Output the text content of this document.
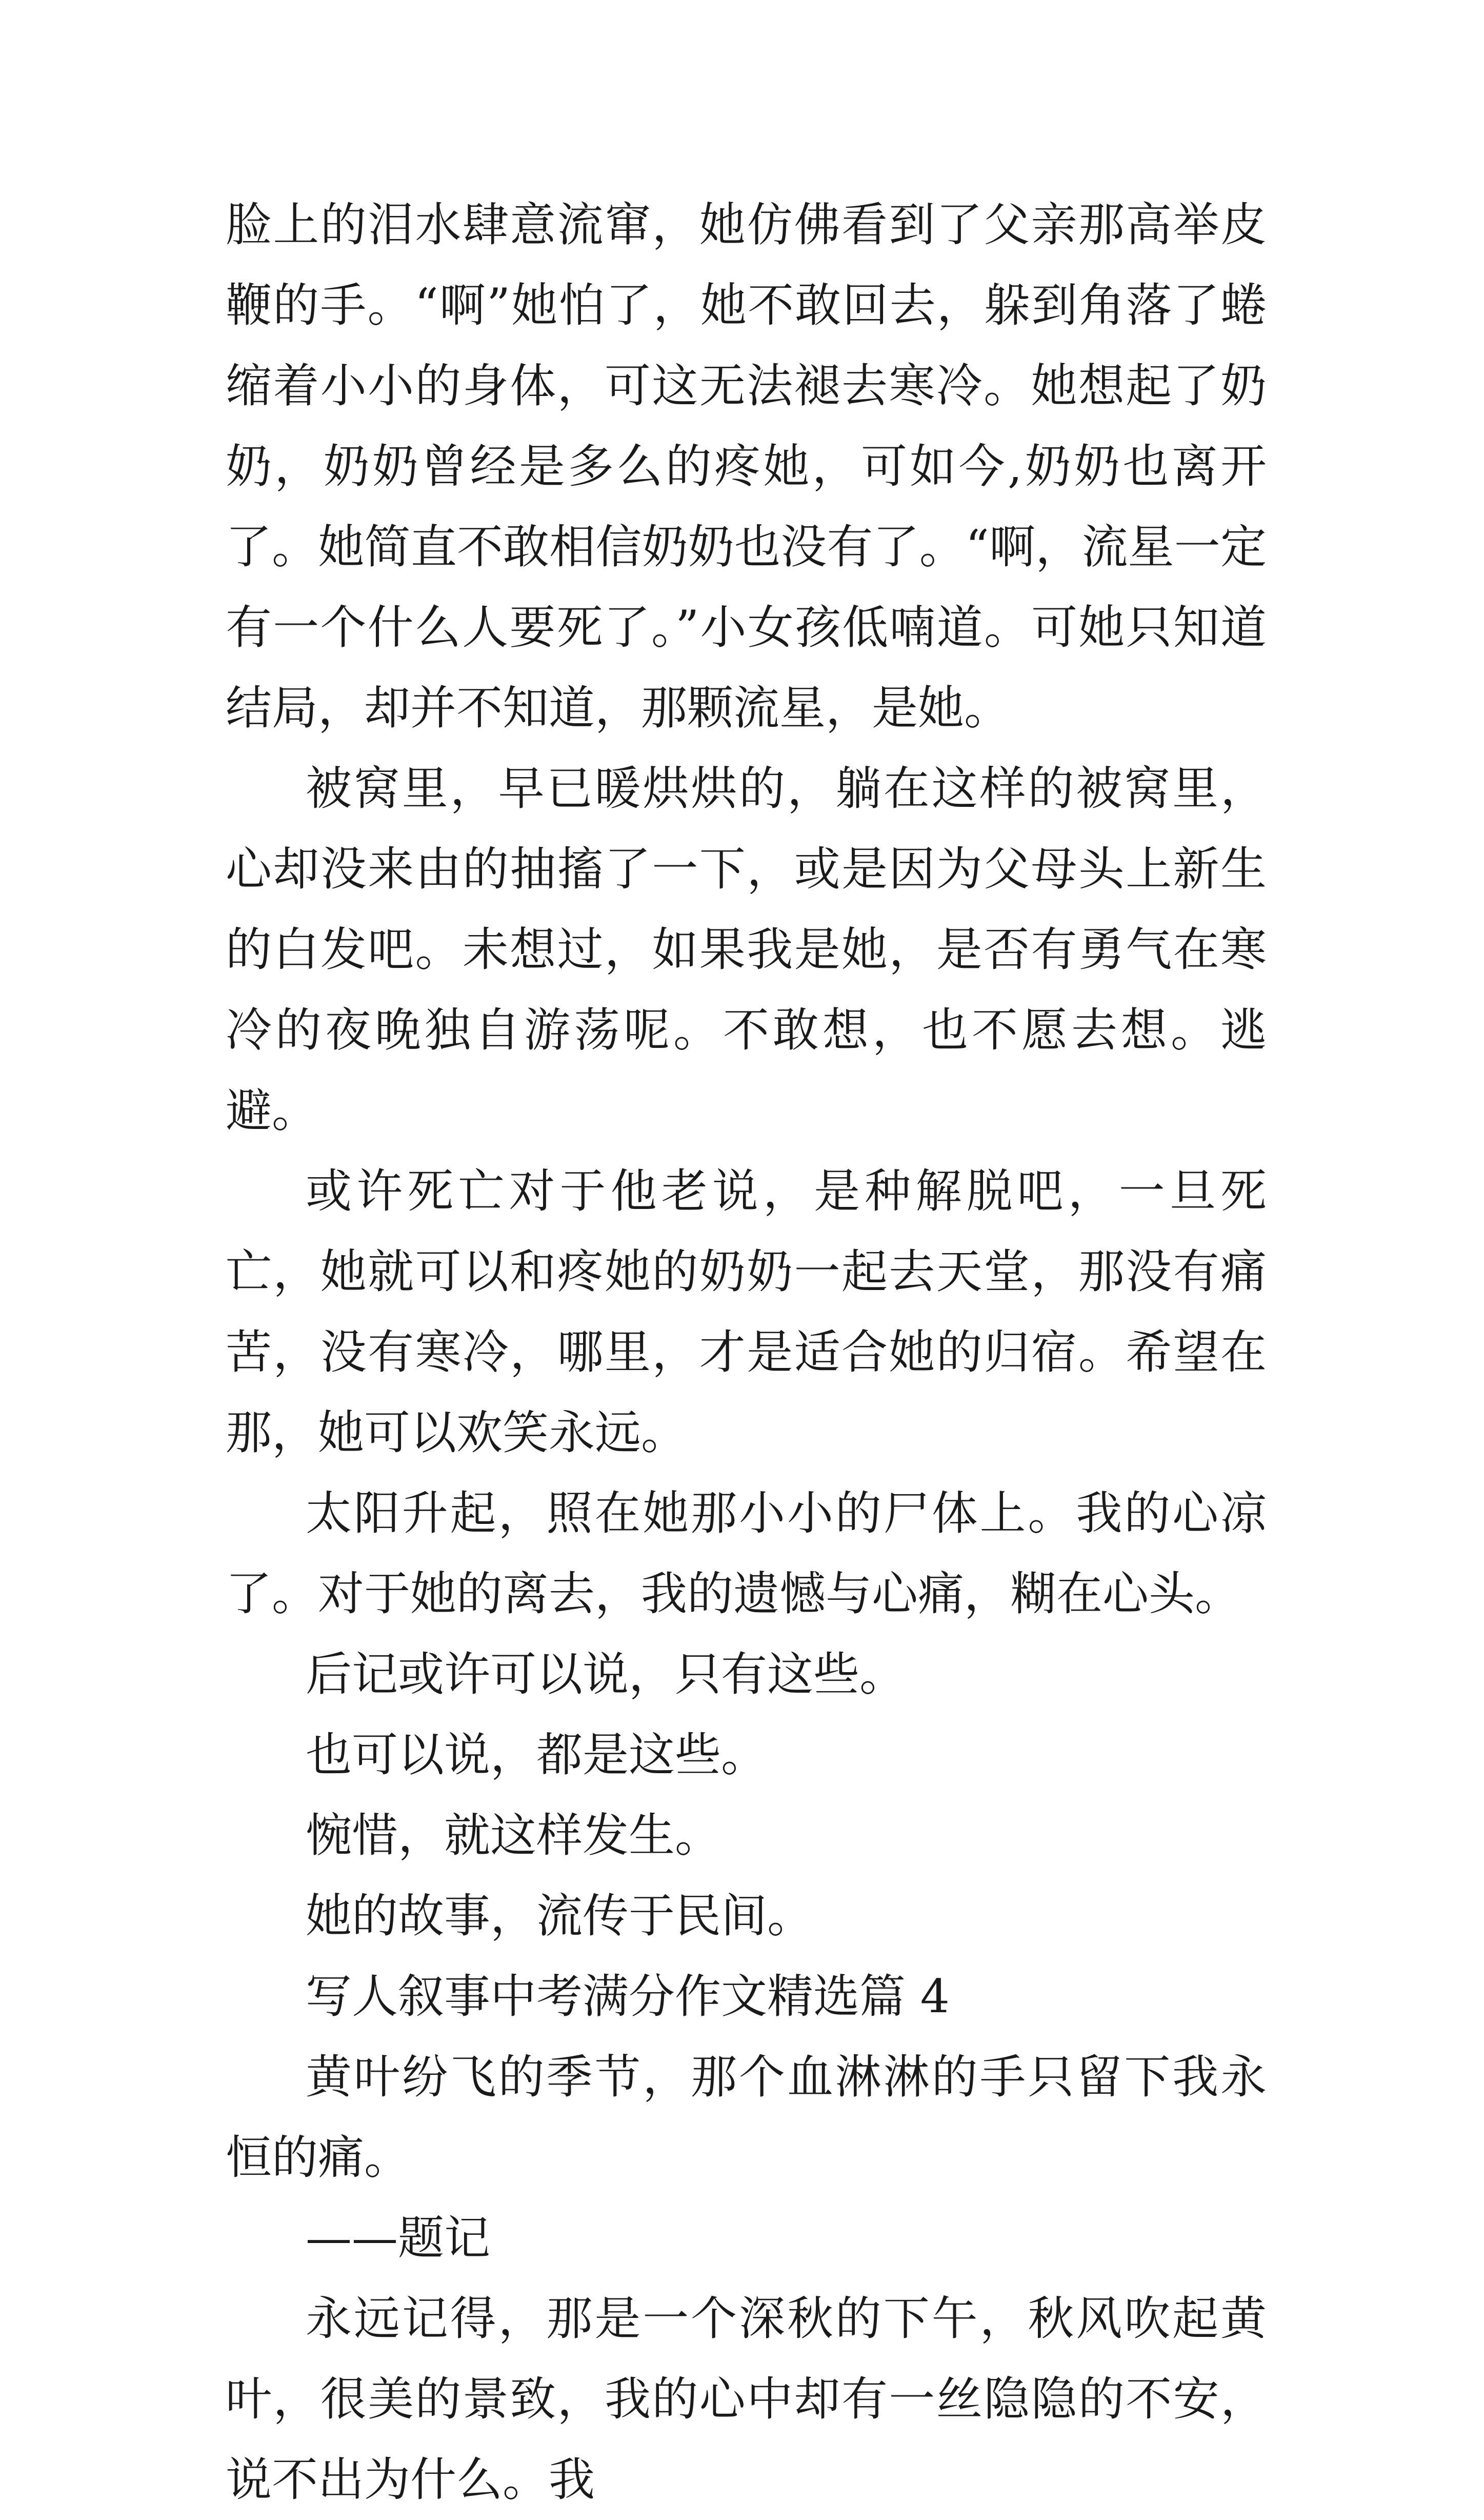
脸上的泪水肆意流窜，她仿佛看到了父亲那高举皮鞭的手。“啊”她怕了，她不敢回去，躲到角落了蜷缩着小小的身体，可这无法褪去寒冷。她想起了奶奶，奶奶曾经是多么的疼她，可如今,奶奶也离开了。她简直不敢相信奶奶也没有了。“啊，流星一定有一个什么人要死了。”小女孩低喃道。可她只知道结局，却并不知道，那颗流星，是她。

被窝里，早已暖烘烘的，躺在这样的被窝里，心却没来由的抽搐了一下，或是因为父母头上新生的白发吧。未想过，如果我是她，是否有勇气在寒冷的夜晚独自游荡呢。不敢想，也不愿去想。逃避。

或许死亡对于他老说，是种解脱吧，一旦死亡，她就可以和疼她的奶奶一起去天堂，那没有痛苦，没有寒冷，哪里，才是适合她的归宿。希望在那，她可以欢笑永远。

太阳升起，照在她那小小的尸体上。我的心凉了。对于她的离去，我的遗憾与心痛，糊在心头。

后记或许可以说，只有这些。

也可以说，都是这些。

惋惜，就这样发生。

她的故事，流传于民间。

写人叙事中考满分作文精选篇 4

黄叶纷飞的季节，那个血淋淋的手只留下我永恒的痛。

——题记

永远记得，那是一个深秋的下午，秋风吹起黄叶，很美的景致，我的心中却有一丝隐隐的不安，说不出为什么。我
